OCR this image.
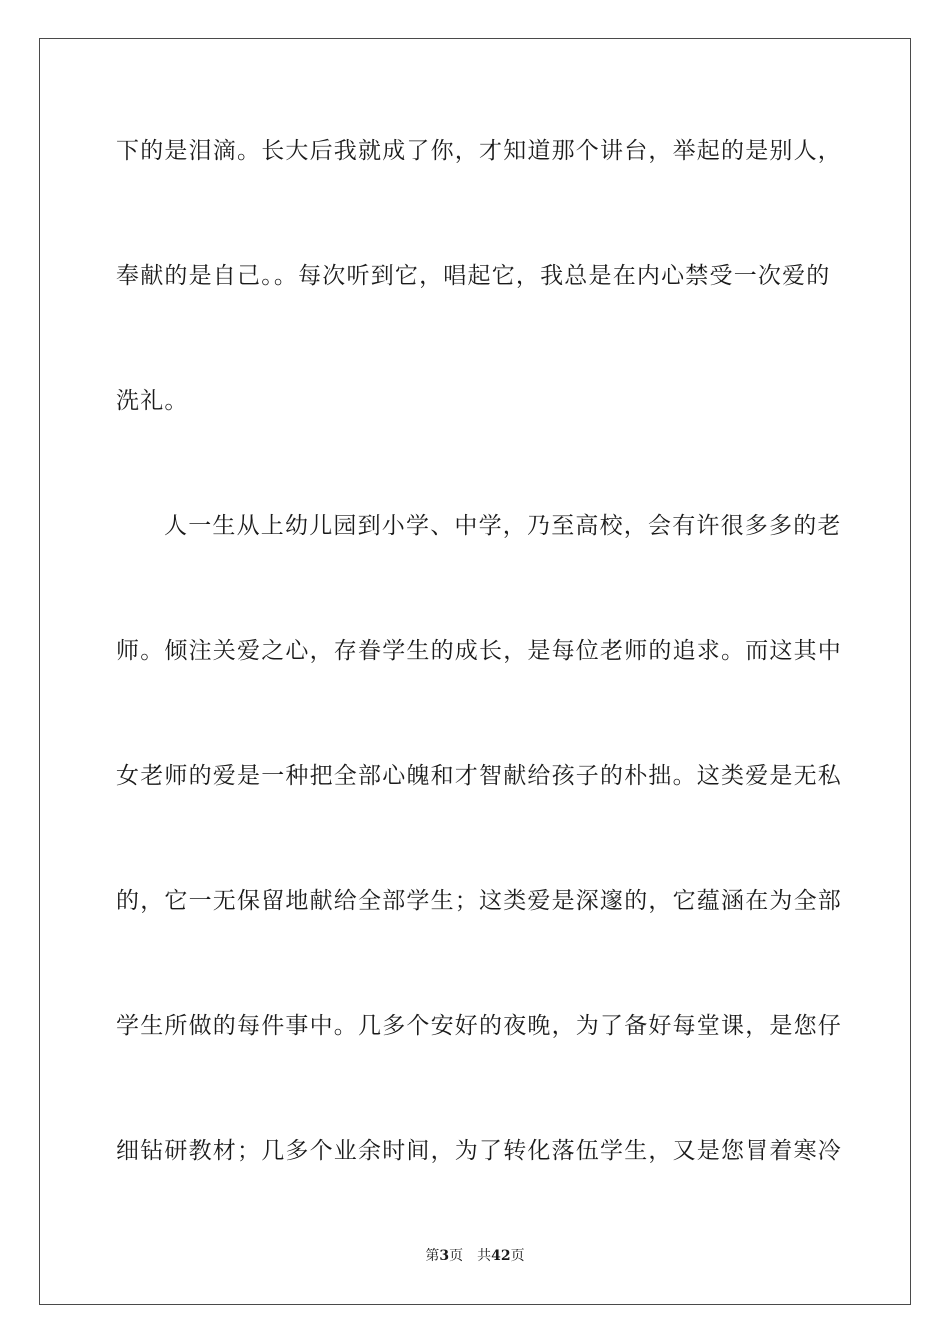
下的是泪滴。长大后我就成了你，才知道那个讲台，举起的是别人，
奉献的是自己。。每次听到它，唱起它，我总是在内心禁受一次爱的
洗礼。
人一生从上幼儿园到小学、中学，乃至高校，会有许很多多的老
师。倾注关爱之心，存眷学生的成长，是每位老师的追求。而这其中
女老师的爱是一种把全部心魄和才智献给孩子的朴拙。这类爱是无私
的，它一无保留地献给全部学生；这类爱是深邃的，它蕴涵在为全部
学生所做的每件事中。几多个安好的夜晚，为了备好每堂课，是您仔
细钻研教材；几多个业余时间，为了转化落伍学生，又是您冒着寒冷
第3页 共42页
